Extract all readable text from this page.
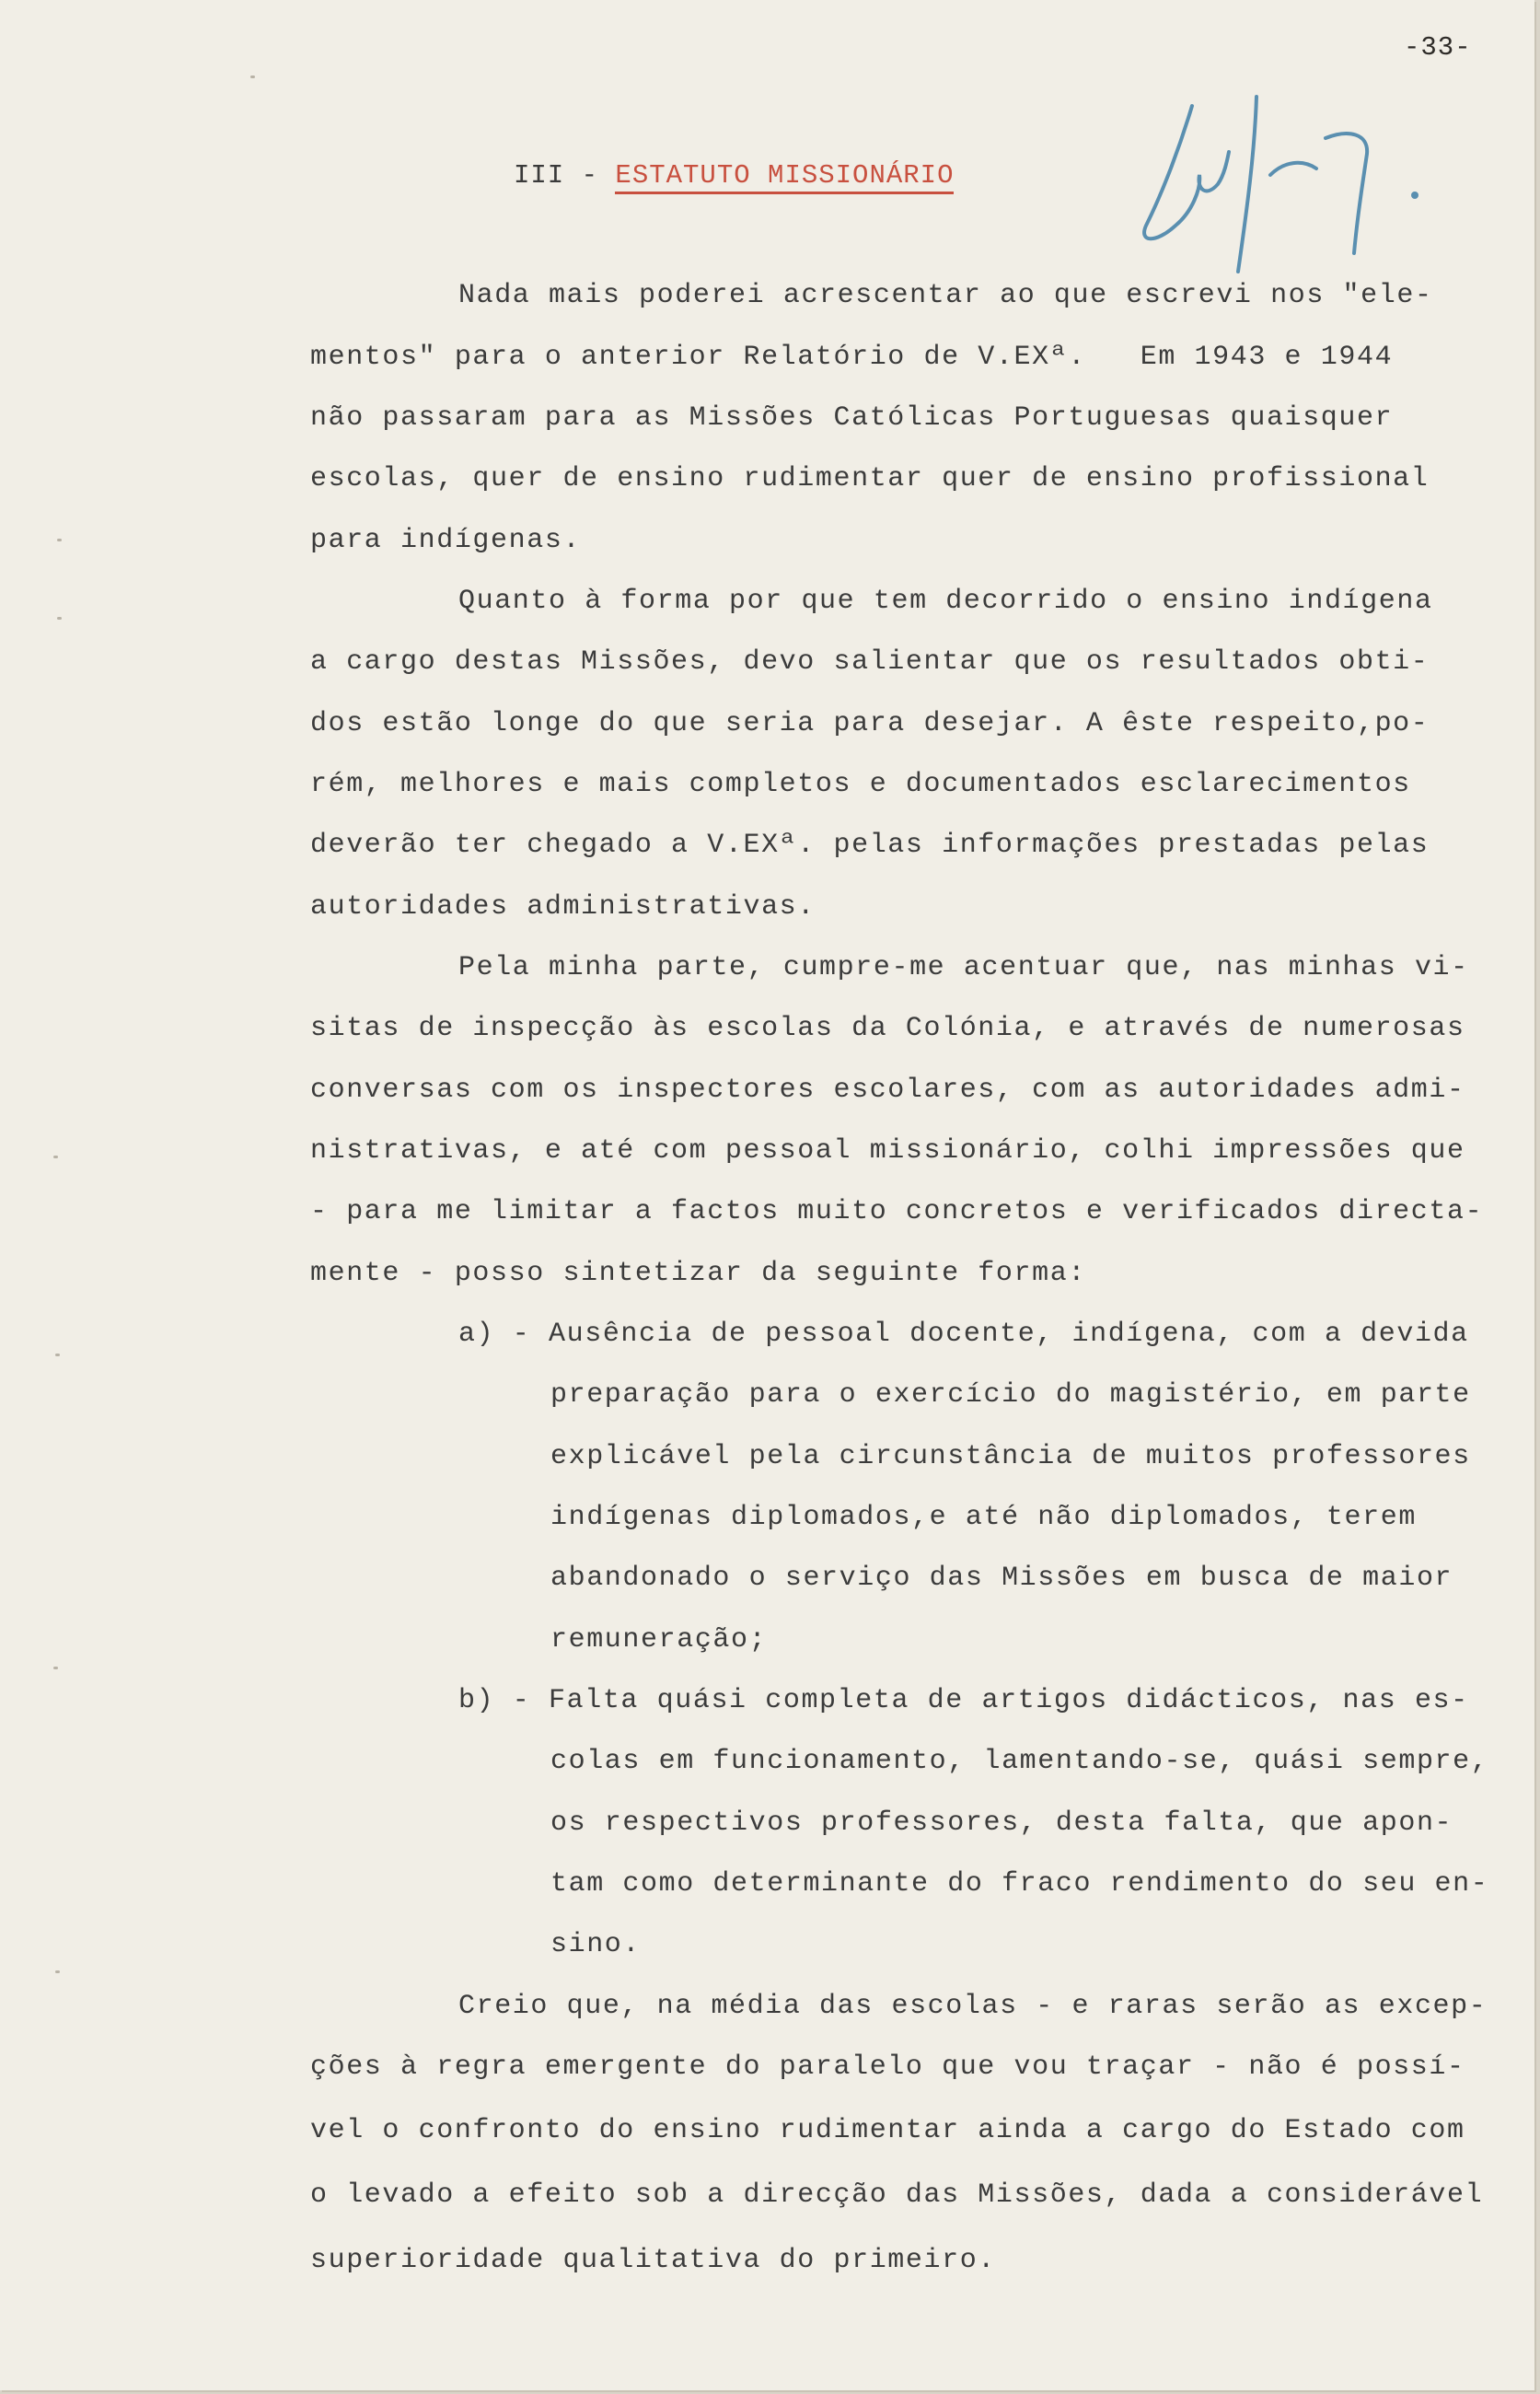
-33-
III - ESTATUTO MISSIONÁRIO
Nada mais poderei acrescentar ao que escrevi nos "ele-
mentos" para o anterior Relatório de V.EXª.   Em 1943 e 1944
não passaram para as Missões Católicas Portuguesas quaisquer
escolas, quer de ensino rudimentar quer de ensino profissional
para indígenas.
Quanto à forma por que tem decorrido o ensino indígena
a cargo destas Missões, devo salientar que os resultados obti-
dos estão longe do que seria para desejar. A êste respeito,po-
rém, melhores e mais completos e documentados esclarecimentos
deverão ter chegado a V.EXª. pelas informações prestadas pelas
autoridades administrativas.
Pela minha parte, cumpre-me acentuar que, nas minhas vi-
sitas de inspecção às escolas da Colónia, e através de numerosas
conversas com os inspectores escolares, com as autoridades admi-
nistrativas, e até com pessoal missionário, colhi impressões que
- para me limitar a factos muito concretos e verificados directa-
mente - posso sintetizar da seguinte forma:
a) - Ausência de pessoal docente, indígena, com a devida
preparação para o exercício do magistério, em parte
explicável pela circunstância de muitos professores
indígenas diplomados,e até não diplomados, terem
abandonado o serviço das Missões em busca de maior
remuneração;
b) - Falta quási completa de artigos didácticos, nas es-
colas em funcionamento, lamentando-se, quási sempre,
os respectivos professores, desta falta, que apon-
tam como determinante do fraco rendimento do seu en-
sino.
Creio que, na média das escolas - e raras serão as excep-
ções à regra emergente do paralelo que vou traçar - não é possí-
vel o confronto do ensino rudimentar ainda a cargo do Estado com
o levado a efeito sob a direcção das Missões, dada a considerável
superioridade qualitativa do primeiro.
